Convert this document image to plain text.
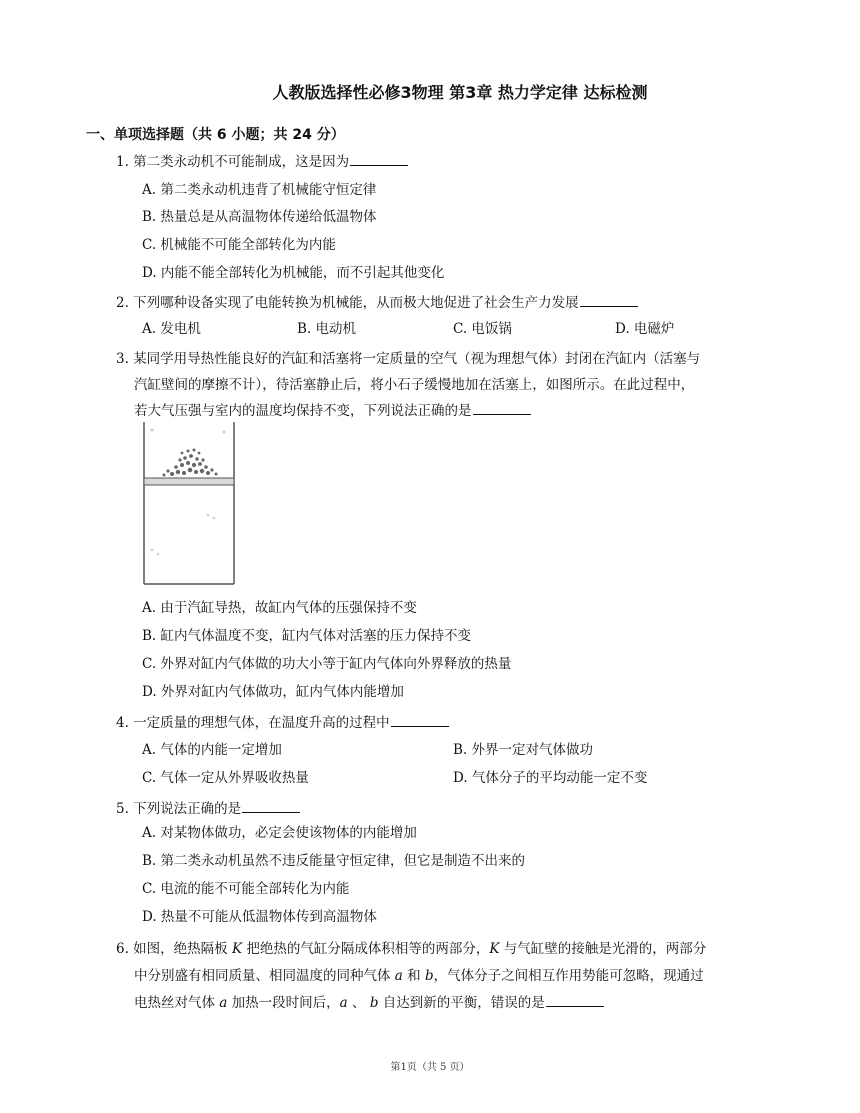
人教版选择性必修3物理 第3章 热力学定律 达标检测
一、单项选择题（共 6 小题；共 24 分）
1. 第二类永动机不可能制成，这是因为
A. 第二类永动机违背了机械能守恒定律
B. 热量总是从高温物体传递给低温物体
C. 机械能不可能全部转化为内能
D. 内能不能全部转化为机械能，而不引起其他变化
2. 下列哪种设备实现了电能转换为机械能，从而极大地促进了社会生产力发展
A. 发电机	B. 电动机	C. 电饭锅	D. 电磁炉
3. 某同学用导热性能良好的汽缸和活塞将一定质量的空气（视为理想气体）封闭在汽缸内（活塞与
汽缸壁间的摩擦不计），待活塞静止后，将小石子缓慢地加在活塞上，如图所示。在此过程中，
若大气压强与室内的温度均保持不变，下列说法正确的是
A. 由于汽缸导热，故缸内气体的压强保持不变
B. 缸内气体温度不变，缸内气体对活塞的压力保持不变
C. 外界对缸内气体做的功大小等于缸内气体向外界释放的热量
D. 外界对缸内气体做功，缸内气体内能增加
4. 一定质量的理想气体，在温度升高的过程中
A. 气体的内能一定增加	B. 外界一定对气体做功
C. 气体一定从外界吸收热量	D. 气体分子的平均动能一定不变
5. 下列说法正确的是
A. 对某物体做功，必定会使该物体的内能增加
B. 第二类永动机虽然不违反能量守恒定律，但它是制造不出来的
C. 电流的能不可能全部转化为内能
D. 热量不可能从低温物体传到高温物体
6. 如图，绝热隔板 K 把绝热的气缸分隔成体积相等的两部分，K 与气缸壁的接触是光滑的，两部分
中分别盛有相同质量、相同温度的同种气体 a 和 b，气体分子之间相互作用势能可忽略，现通过
电热丝对气体 a 加热一段时间后，a 、 b 自达到新的平衡，错误的是
第1页（共 5 页）
